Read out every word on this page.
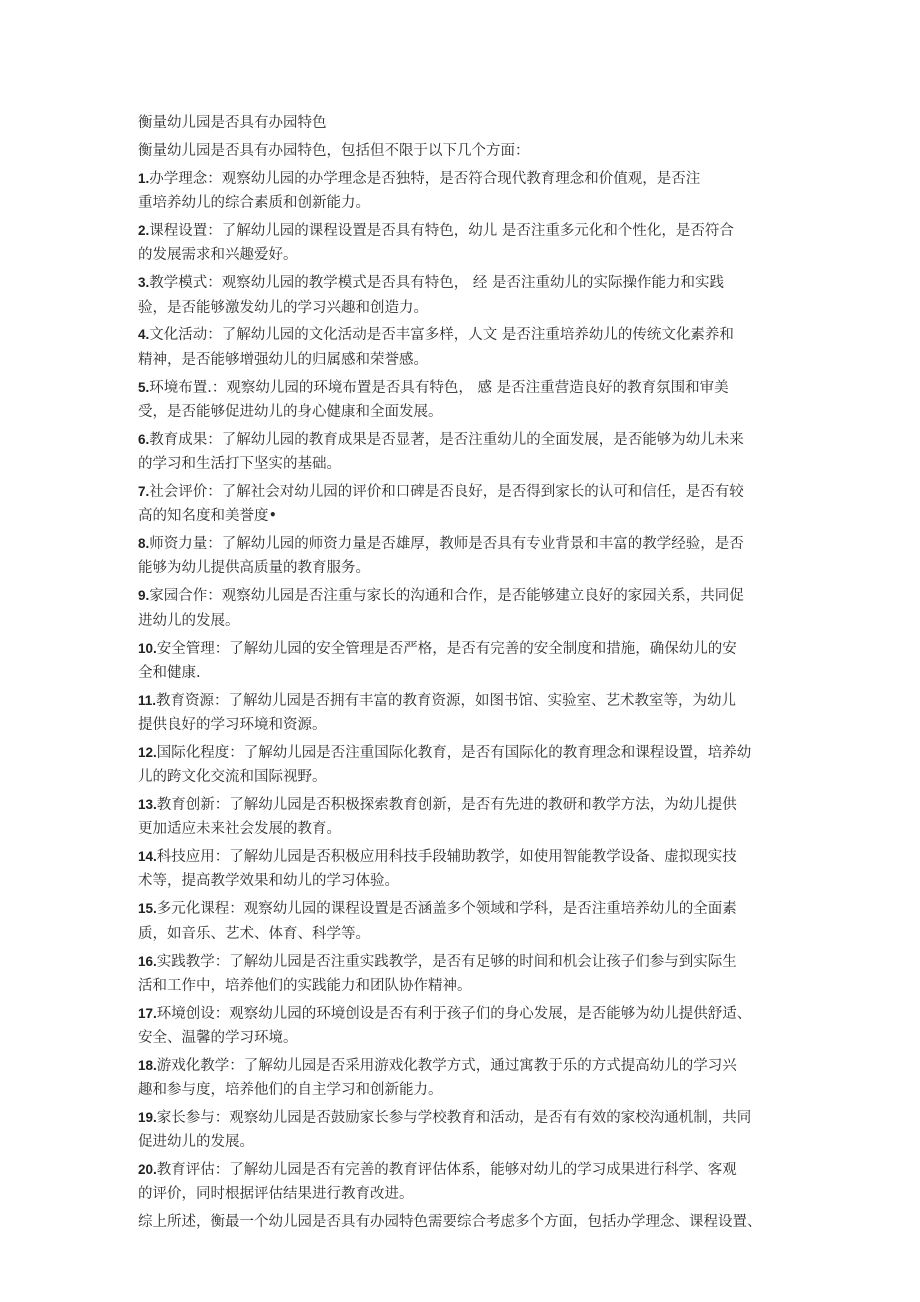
衡量幼儿园是否具有办园特色
衡量幼儿园是否具有办园特色，包括但不限于以下几个方面：
1.办学理念：观察幼儿园的办学理念是否独特，是否符合现代教育理念和价值观，是否注
重培养幼儿的综合素质和创新能力。
2.课程设置：了解幼儿园的课程设置是否具有特色，幼儿 是否注重多元化和个性化，是否符合
的发展需求和兴趣爱好。
3.教学模式：观察幼儿园的教学模式是否具有特色， 经 是否注重幼儿的实际操作能力和实践
验，是否能够激发幼儿的学习兴趣和创造力。
4.文化活动：了解幼儿园的文化活动是否丰富多样，人文 是否注重培养幼儿的传统文化素养和
精神，是否能够增强幼儿的归属感和荣誉感。
5.环境布置.：观察幼儿园的环境布置是否具有特色， 感 是否注重营造良好的教育氛围和审美
受，是否能够促进幼儿的身心健康和全面发展。
6.教育成果：了解幼儿园的教育成果是否显著，是否注重幼儿的全面发展，是否能够为幼儿未来
的学习和生活打下坚实的基础。
7.社会评价：了解社会对幼儿园的评价和口碑是否良好，是否得到家长的认可和信任，是否有较
高的知名度和美誉度•
8.师资力量：了解幼儿园的师资力量是否雄厚，教师是否具有专业背景和丰富的教学经验，是否
能够为幼儿提供高质量的教育服务。
9.家园合作：观察幼儿园是否注重与家长的沟通和合作，是否能够建立良好的家园关系，共同促
进幼儿的发展。
10.安全管理：了解幼儿园的安全管理是否严格，是否有完善的安全制度和措施，确保幼儿的安
全和健康.
11.教育资源：了解幼儿园是否拥有丰富的教育资源，如图书馆、实验室、艺术教室等，为幼儿
提供良好的学习环境和资源。
12.国际化程度：了解幼儿园是否注重国际化教育，是否有国际化的教育理念和课程设置，培养幼
儿的跨文化交流和国际视野。
13.教育创新：了解幼儿园是否积极探索教育创新，是否有先进的教研和教学方法，为幼儿提供
更加适应未来社会发展的教育。
14.科技应用：了解幼儿园是否积极应用科技手段辅助教学，如使用智能教学设备、虚拟现实技
术等，提高教学效果和幼儿的学习体验。
15.多元化课程：观察幼儿园的课程设置是否涵盖多个领域和学科，是否注重培养幼儿的全面素
质，如音乐、艺术、体育、科学等。
16.实践教学：了解幼儿园是否注重实践教学，是否有足够的时间和机会让孩子们参与到实际生
活和工作中，培养他们的实践能力和团队协作精神。
17.环境创设：观察幼儿园的环境创设是否有利于孩子们的身心发展，是否能够为幼儿提供舒适、
安全、温馨的学习环境。
18.游戏化教学：了解幼儿园是否采用游戏化教学方式，通过寓教于乐的方式提高幼儿的学习兴
趣和参与度，培养他们的自主学习和创新能力。
19.家长参与：观察幼儿园是否鼓励家长参与学校教育和活动，是否有有效的家校沟通机制，共同
促进幼儿的发展。
20.教育评估：了解幼儿园是否有完善的教育评估体系，能够对幼儿的学习成果进行科学、客观
的评价，同时根据评估结果进行教育改进。
综上所述，衡最一个幼儿园是否具有办园特色需要综合考虑多个方面，包括办学理念、课程设置、
